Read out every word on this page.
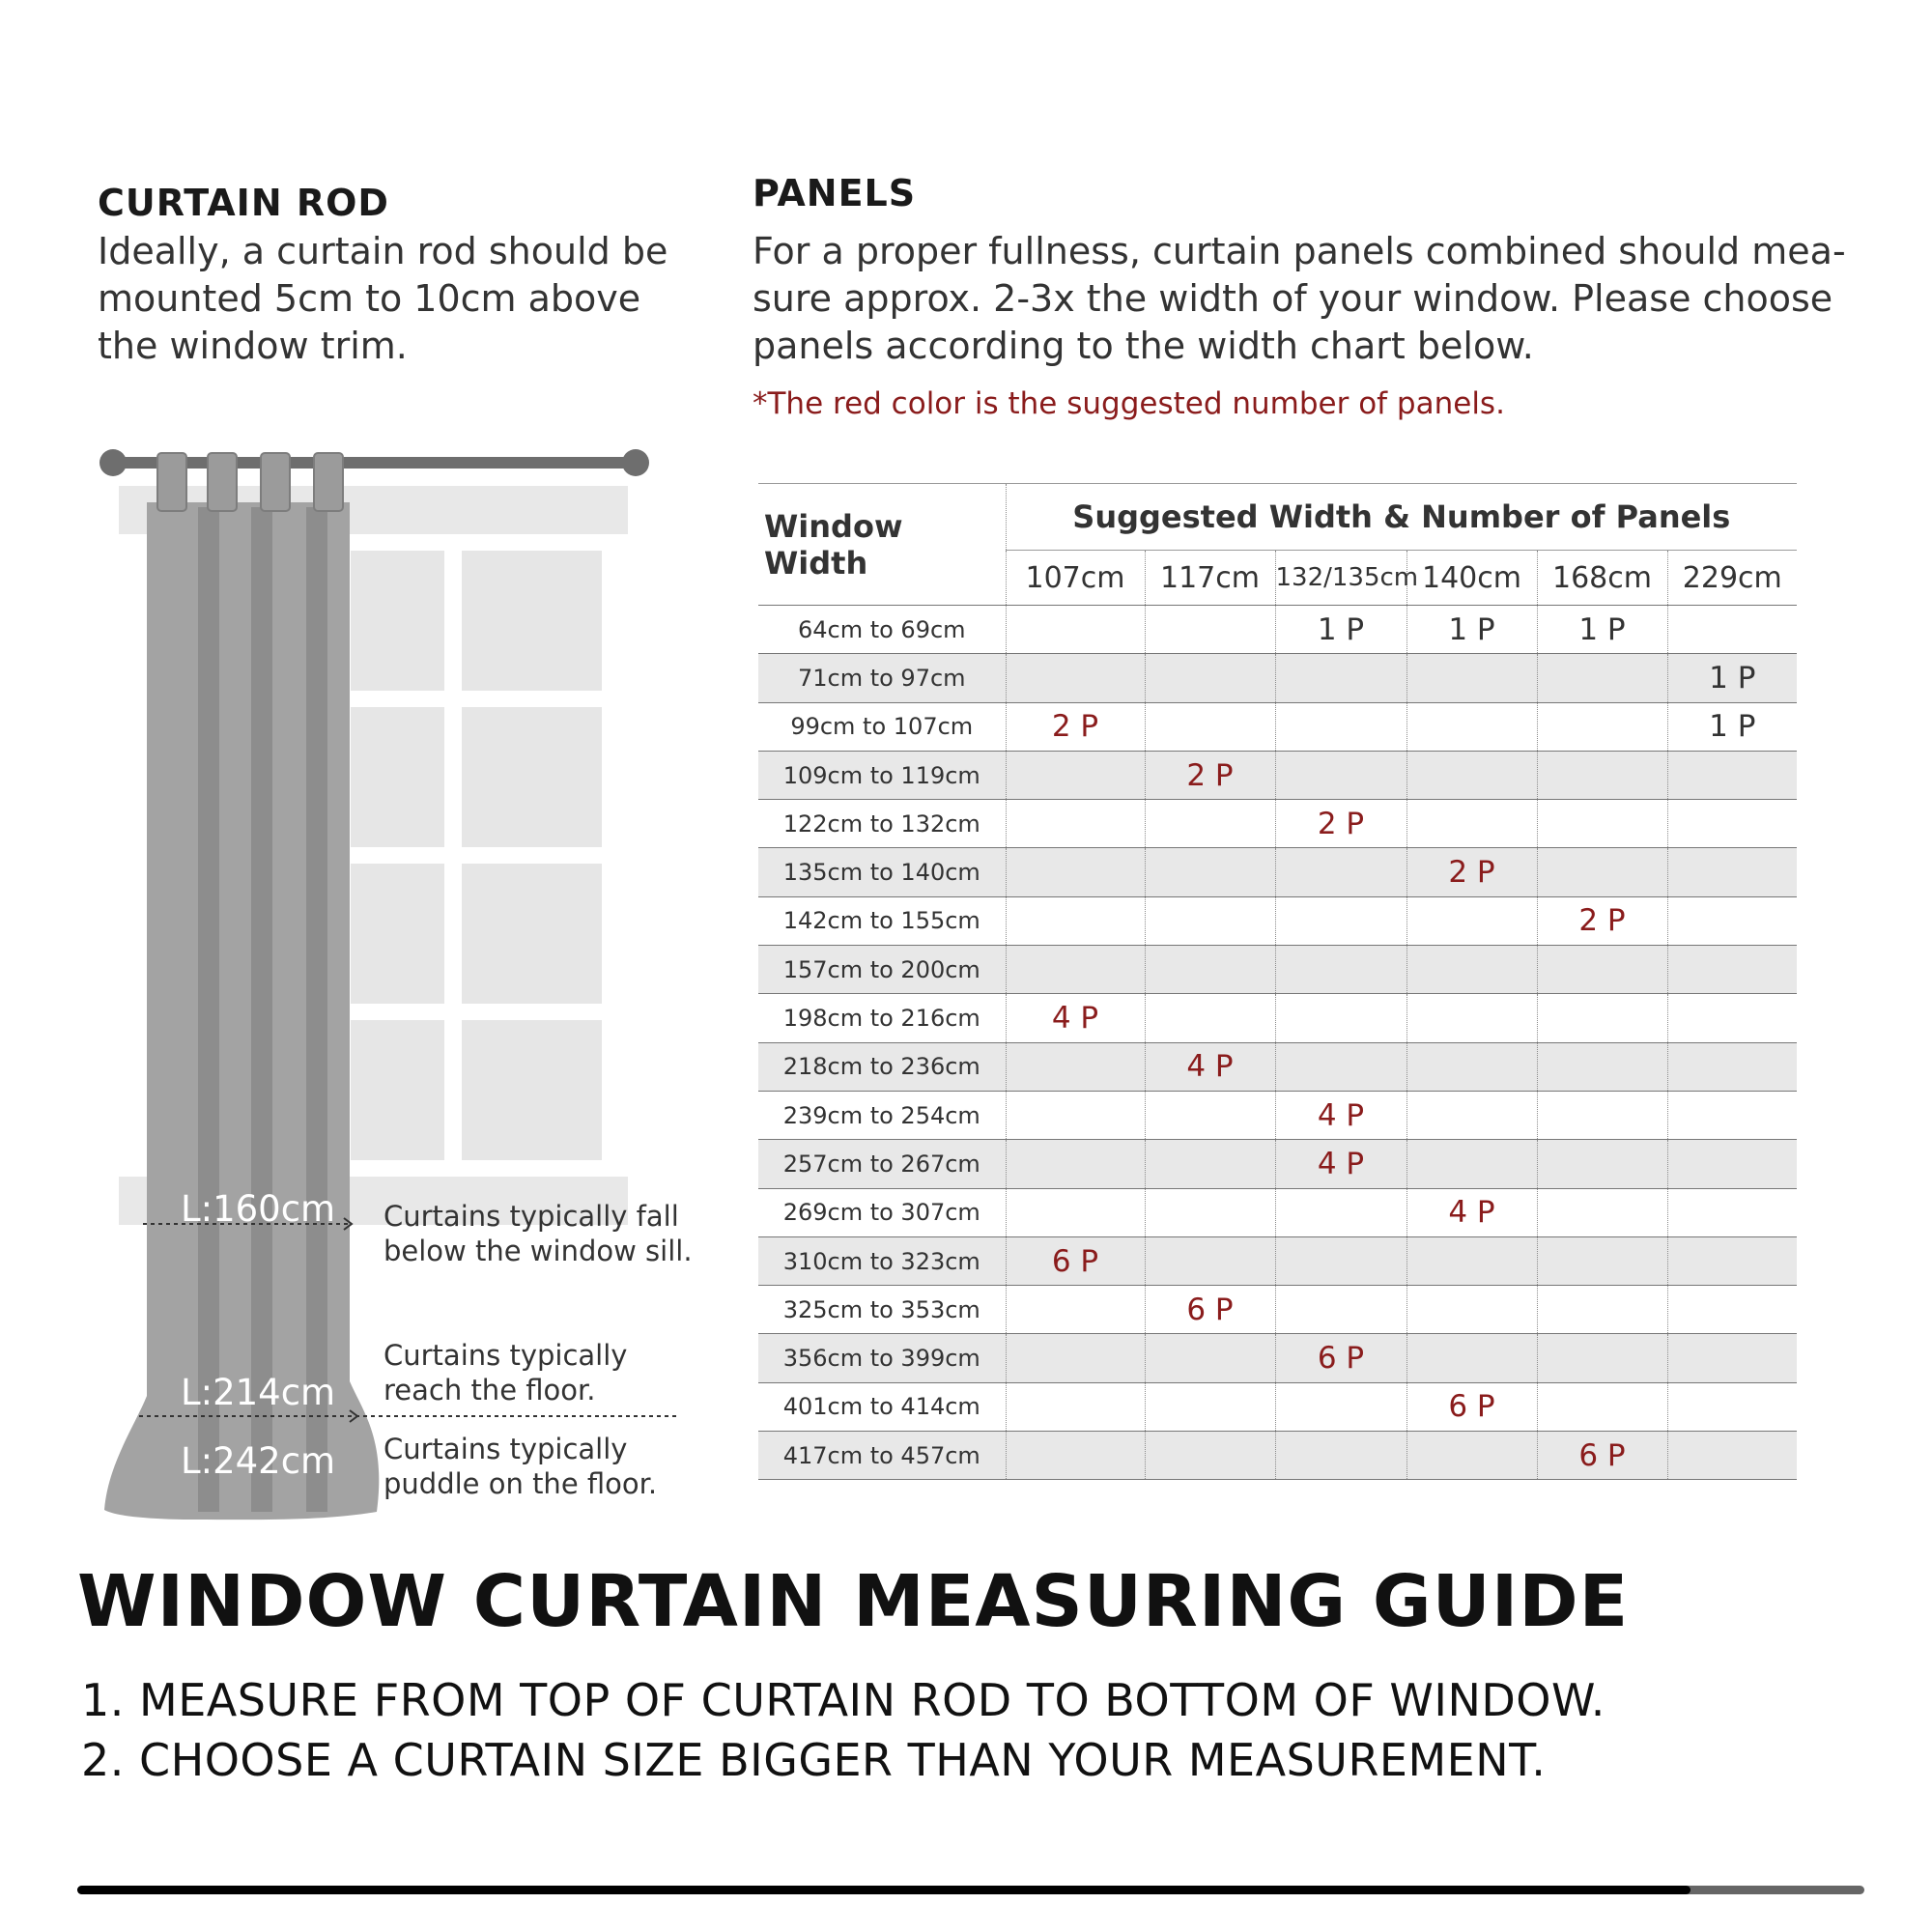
CURTAIN ROD
Ideally, a curtain rod should be
mounted 5cm to 10cm above
the window trim.
PANELS
For a proper fullness, curtain panels combined should mea-
sure approx. 2-3x the width of your window. Please choose
panels according to the width chart below.
*The red color is the suggested number of panels.
L:160cm
L:214cm
L:242cm
Curtains typically fall
below the window sill.
Curtains typically
reach the floor.
Curtains typically
puddle on the floor.
Window Width	Suggested Width & Number of Panels					
	107cm	117cm	132/135cm	140cm	168cm	229cm
64cm to 69cm			1 P	1 P	1 P	
71cm to 97cm						1 P
99cm to 107cm	2 P					1 P
109cm to 119cm		2 P				
122cm to 132cm			2 P			
135cm to 140cm				2 P		
142cm to 155cm					2 P	
157cm to 200cm						
198cm to 216cm	4 P					
218cm to 236cm		4 P				
239cm to 254cm			4 P			
257cm to 267cm			4 P			
269cm to 307cm				4 P		
310cm to 323cm	6 P					
325cm to 353cm		6 P				
356cm to 399cm			6 P			
401cm to 414cm				6 P		
417cm to 457cm					6 P	
WINDOW CURTAIN MEASURING GUIDE
1. MEASURE FROM TOP OF CURTAIN ROD TO BOTTOM OF WINDOW.
2. CHOOSE A CURTAIN SIZE BIGGER THAN YOUR MEASUREMENT.
